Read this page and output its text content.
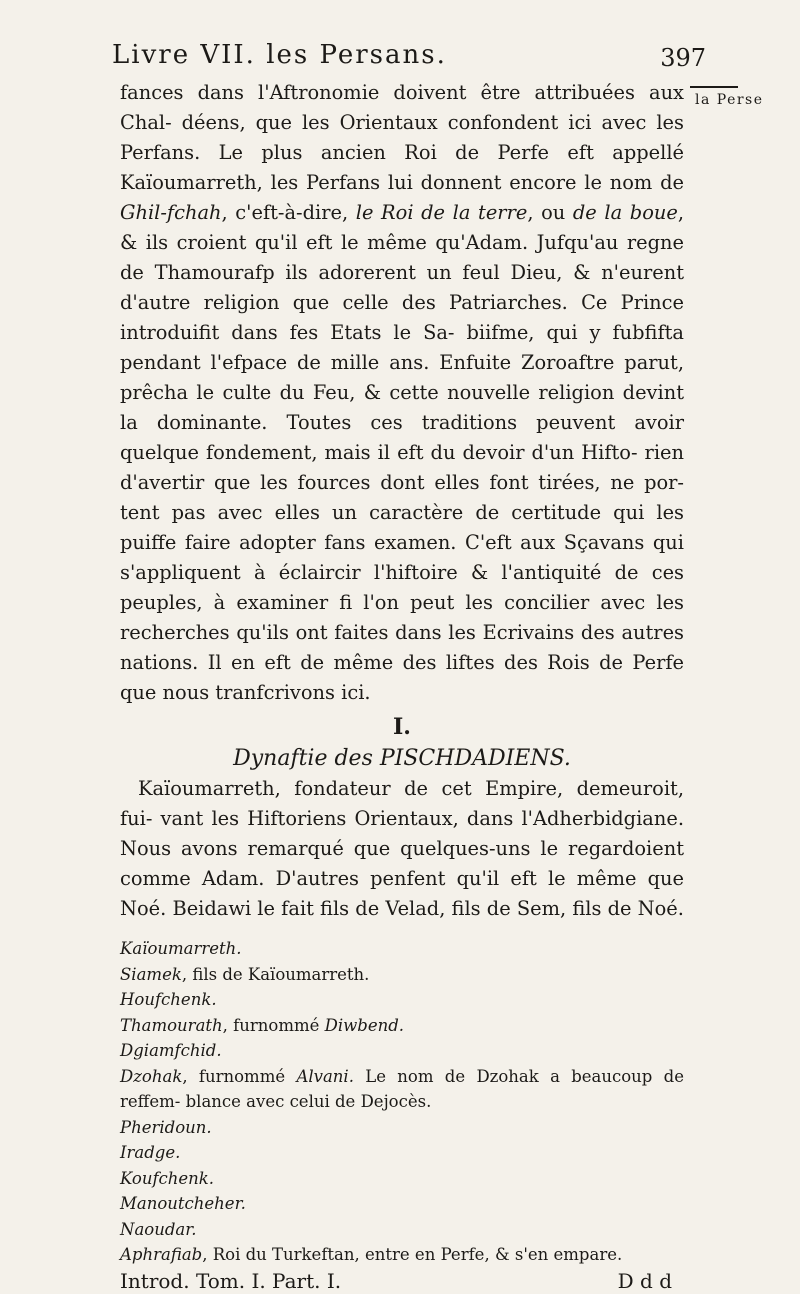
Livre VII. les Persans.	397
la Perse

fances dans l'Aftronomie doivent être attribuées aux Chal- déens, que les Orientaux confondent ici avec les Perfans. Le plus ancien Roi de Perfe eft appellé Kaïoumarreth, les Perfans lui donnent encore le nom de Ghil-fchah, c'eft-à-dire, le Roi de la terre, ou de la boue, & ils croient qu'il eft le même qu'Adam. Jufqu'au regne de Thamourafp ils adorerent un feul Dieu, & n'eurent d'autre religion que celle des Patriarches. Ce Prince introduifit dans fes Etats le Sa- biifme, qui y fubfifta pendant l'efpace de mille ans. Enfuite Zoroaftre parut, prêcha le culte du Feu, & cette nouvelle religion devint la dominante. Toutes ces traditions peuvent avoir quelque fondement, mais il eft du devoir d'un Hifto- rien d'avertir que les fources dont elles font tirées, ne por- tent pas avec elles un caractère de certitude qui les puiffe faire adopter fans examen. C'eft aux Sçavans qui s'appliquent à éclaircir l'hiftoire & l'antiquité de ces peuples, à examiner fi l'on peut les concilier avec les recherches qu'ils ont faites dans les Ecrivains des autres nations. Il en eft de même des liftes des Rois de Perfe que nous tranfcrivons ici.

I.

Dynaftie des PISCHDADIENS.

Kaïoumarreth, fondateur de cet Empire, demeuroit, fui- vant les Hiftoriens Orientaux, dans l'Adherbidgiane. Nous avons remarqué que quelques-uns le regardoient comme Adam. D'autres penfent qu'il eft le même que Noé. Beidawi le fait fils de Velad, fils de Sem, fils de Noé.

Kaïoumarreth.
Siamek, fils de Kaïoumarreth.
Houfchenk.
Thamourath, furnommé Diwbend.
Dgiamfchid.
Dzohak, furnommé Alvani. Le nom de Dzohak a beaucoup de reffem- blance avec celui de Dejocès.
Pheridoun.
Iradge.
Koufchenk.
Manoutcheher.
Naoudar.
Aphrafiab, Roi du Turkeftan, entre en Perfe, & s'en empare.
Introd. Tom. I. Part. I.	D d d
